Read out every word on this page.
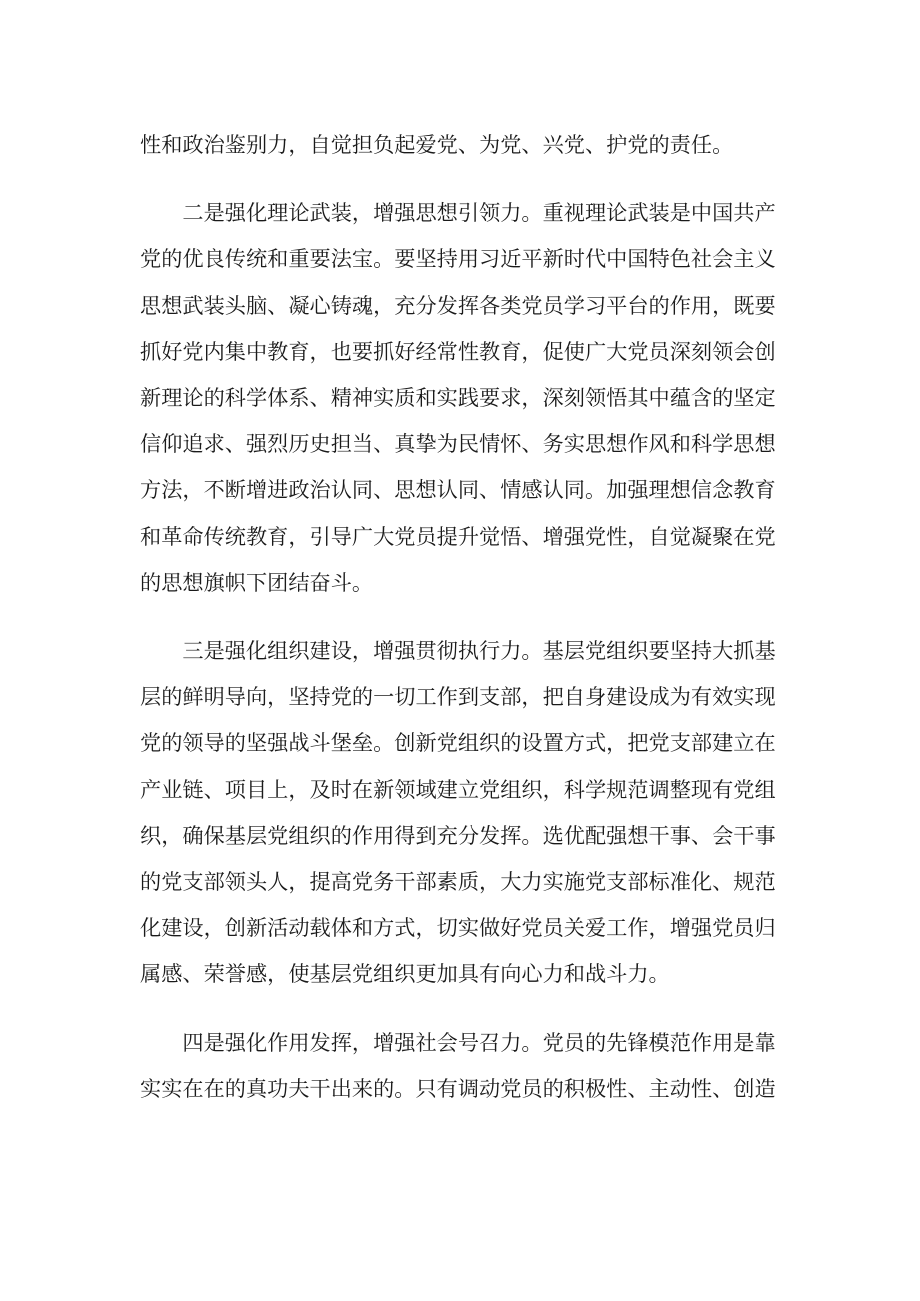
性和政治鉴别力，自觉担负起爱党、为党、兴党、护党的责任。

二是强化理论武装，增强思想引领力。重视理论武装是中国共产
党的优良传统和重要法宝。要坚持用习近平新时代中国特色社会主义
思想武装头脑、凝心铸魂，充分发挥各类党员学习平台的作用，既要
抓好党内集中教育，也要抓好经常性教育，促使广大党员深刻领会创
新理论的科学体系、精神实质和实践要求，深刻领悟其中蕴含的坚定
信仰追求、强烈历史担当、真挚为民情怀、务实思想作风和科学思想
方法，不断增进政治认同、思想认同、情感认同。加强理想信念教育
和革命传统教育，引导广大党员提升觉悟、增强党性，自觉凝聚在党
的思想旗帜下团结奋斗。

三是强化组织建设，增强贯彻执行力。基层党组织要坚持大抓基
层的鲜明导向，坚持党的一切工作到支部，把自身建设成为有效实现
党的领导的坚强战斗堡垒。创新党组织的设置方式，把党支部建立在
产业链、项目上，及时在新领域建立党组织，科学规范调整现有党组
织，确保基层党组织的作用得到充分发挥。选优配强想干事、会干事
的党支部领头人，提高党务干部素质，大力实施党支部标准化、规范
化建设，创新活动载体和方式，切实做好党员关爱工作，增强党员归
属感、荣誉感，使基层党组织更加具有向心力和战斗力。

四是强化作用发挥，增强社会号召力。党员的先锋模范作用是靠
实实在在的真功夫干出来的。只有调动党员的积极性、主动性、创造
